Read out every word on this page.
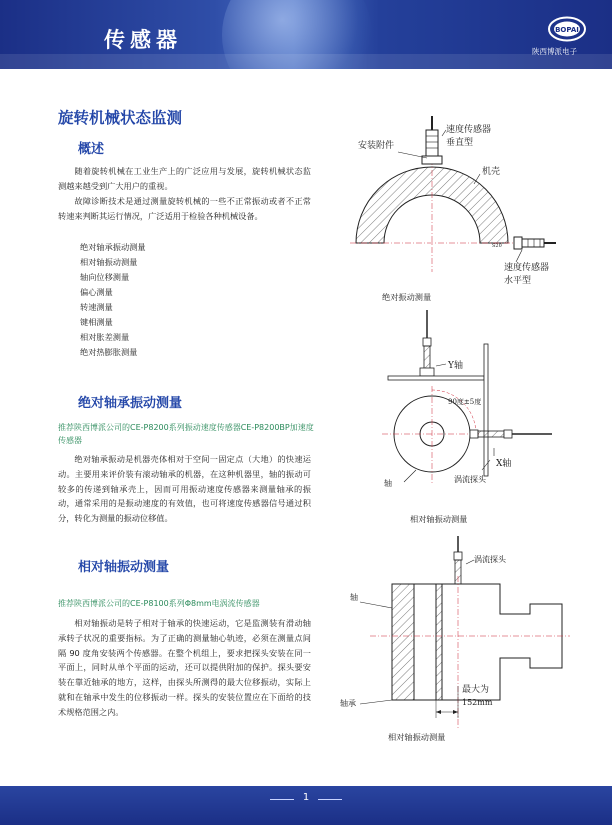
传感器	BOPAI
陕西博派电子
旋转机械状态监测
概述
随着旋转机械在工业生产上的广泛应用与发展，旋转机械状态监测越来越受到广大用户的重视。
故障诊断技术是通过测量旋转机械的一些不正常振动或者不正常转速来判断其运行情况，广泛适用于检验各种机械设备。
绝对轴承振动测量
相对轴振动测量
轴向位移测量
偏心测量
转速测量
键相测量
相对胀差测量
绝对热膨胀测量
绝对轴承振动测量
推荐陕西博派公司的CE-P8200系列振动速度传感器CE-P8200BP加速度传感器
绝对轴承振动是机器壳体相对于空间一固定点（大地）的快速运动。主要用来评价装有滚动轴承的机器，在这种机器里，轴的振动可较多的传递到轴承壳上，因而可用振动速度传感器来测量轴承的振动，通常采用的是振动速度的有效值，也可将速度传感器信号通过积分，转化为测量的振动位移值。
相对轴振动测量
推荐陕西博派公司的CE-P8100系列Φ8mm电涡流传感器
相对轴振动是转子相对于轴承的快速运动，它是监测装有滑动轴承转子状况的重要指标。为了正确的测量轴心轨迹，必须在测量点间隔 90 度角安装两个传感器。在整个机组上，要求把探头安装在同一平面上，同时从单个平面的运动，还可以提供附加的保护。探头要安装在靠近轴承的地方，这样，由探头所测得的最大位移振动，实际上就和在轴承中发生的位移振动一样。探头的安装位置应在下面给的技术规格范围之内。
安装附件
速度传感器
垂直型
机壳
S20
速度传感器
水平型
绝对振动测量
Y轴
90度±5度
X轴
轴	涡流探头
相对轴振动测量
涡流探头
轴
轴承
最大为
152mm
相对轴振动测量
1
